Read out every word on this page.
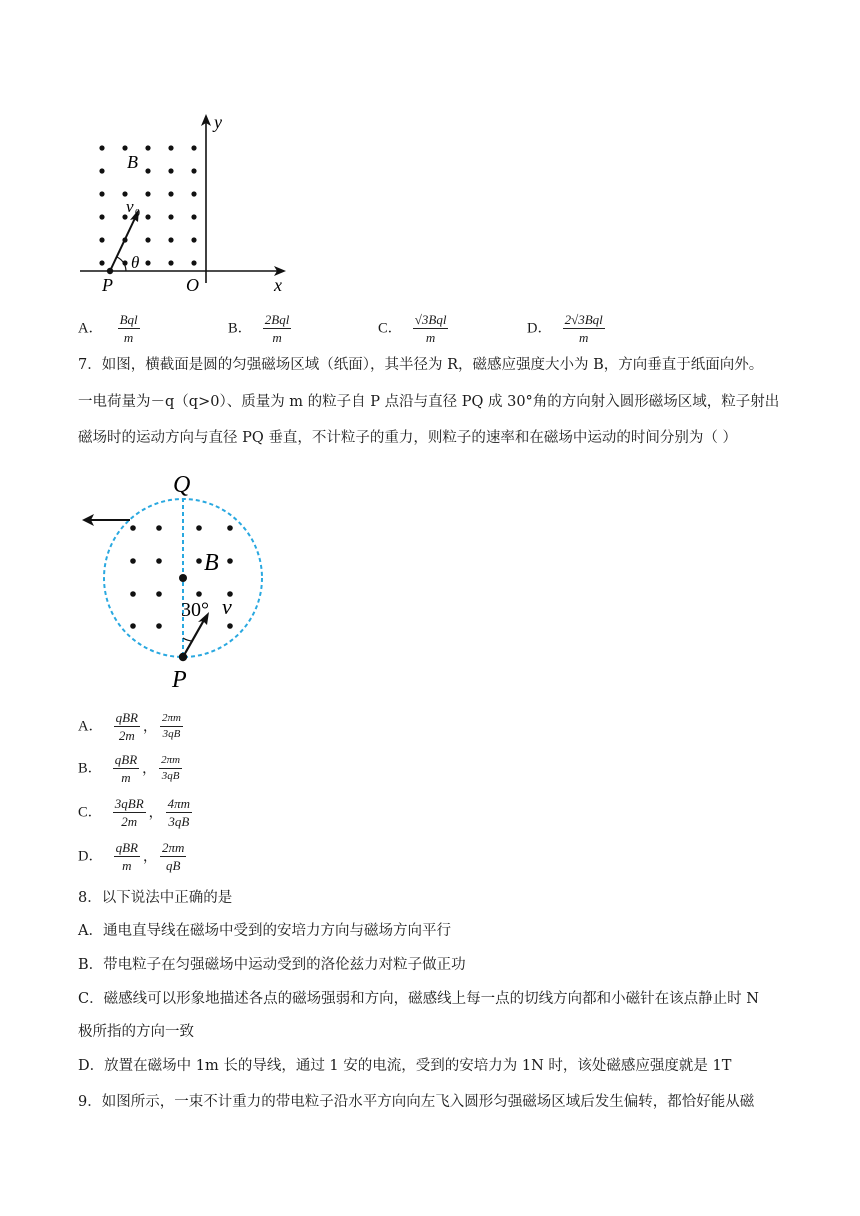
B
v 0
θ
P	O	x
y
A． $\frac{\text{Bql}}{m}$	B． $\frac{\text{2Bql}}{m}$	C． $\frac{\text{√3Bql}}{m}$	D． $\frac{\text{2√3Bql}}{m}$
7．如图，横截面是圆的匀强磁场区域（纸面），其半径为 R，磁感应强度大小为 B，方向垂直于纸面向外。
一电荷量为－q（q>0）、质量为 m 的粒子自 P 点沿与直径 PQ 成 30°角的方向射入圆形磁场区域，粒子射出
磁场时的运动方向与直径 PQ 垂直，不计粒子的重力，则粒子的速率和在磁场中运动的时间分别为（ ）
Q
B
30° v
P
A． $\frac{\text{qBR}}{2m}$ ， $\frac{2\pi m}{3qB}$
B． $\frac{\text{qBR}}{m}$ ， $\frac{2\pi m}{3qB}$
C． $\frac{\text{3qBR}}{2m}$ ， $\frac{4\pi m}{3qB}$
D． $\frac{\text{qBR}}{m}$ ， $\frac{2\pi m}{qB}$
8．以下说法中正确的是
A．通电直导线在磁场中受到的安培力方向与磁场方向平行
B．带电粒子在匀强磁场中运动受到的洛伦兹力对粒子做正功
C．磁感线可以形象地描述各点的磁场强弱和方向，磁感线上每一点的切线方向都和小磁针在该点静止时 N
极所指的方向一致
D．放置在磁场中 1m 长的导线，通过 1 安的电流，受到的安培力为 1N 时，该处磁感应强度就是 1T
9．如图所示，一束不计重力的带电粒子沿水平方向向左飞入圆形匀强磁场区域后发生偏转，都恰好能从磁
